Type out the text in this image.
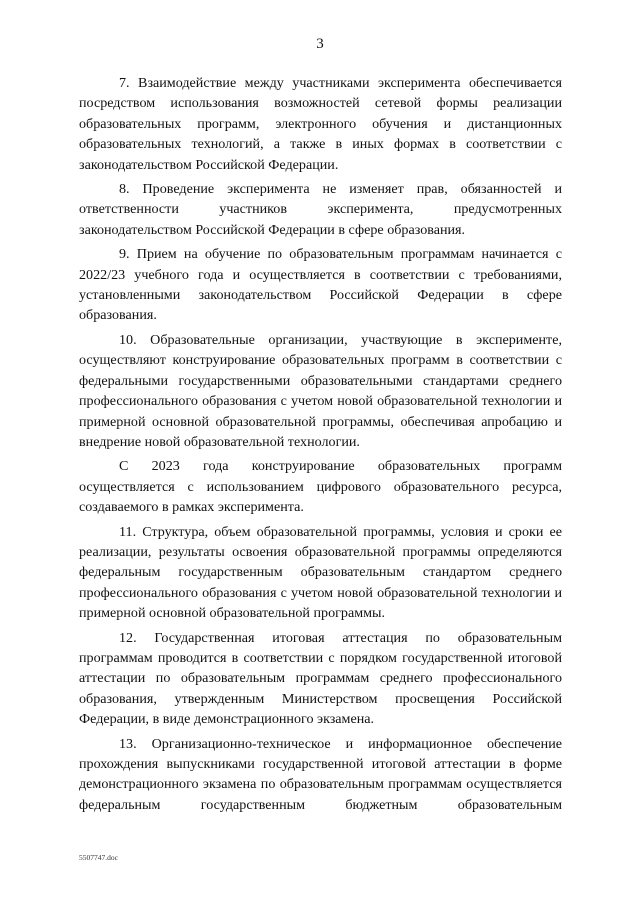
3

7. Взаимодействие между участниками эксперимента обеспечивается посредством использования возможностей сетевой формы реализации образовательных программ, электронного обучения и дистанционных образовательных технологий, а также в иных формах в соответствии с законодательством Российской Федерации.

8. Проведение эксперимента не изменяет прав, обязанностей и ответственности участников эксперимента, предусмотренных законодательством Российской Федерации в сфере образования.

9. Прием на обучение по образовательным программам начинается с 2022/23 учебного года и осуществляется в соответствии с требованиями, установленными законодательством Российской Федерации в сфере образования.

10. Образовательные организации, участвующие в эксперименте, осуществляют конструирование образовательных программ в соответствии с федеральными государственными образовательными стандартами среднего профессионального образования с учетом новой образовательной технологии и примерной основной образовательной программы, обеспечивая апробацию и внедрение новой образовательной технологии.

С 2023 года конструирование образовательных программ осуществляется с использованием цифрового образовательного ресурса, создаваемого в рамках эксперимента.

11. Структура, объем образовательной программы, условия и сроки ее реализации, результаты освоения образовательной программы определяются федеральным государственным образовательным стандартом среднего профессионального образования с учетом новой образовательной технологии и примерной основной образовательной программы.

12. Государственная итоговая аттестация по образовательным программам проводится в соответствии с порядком государственной итоговой аттестации по образовательным программам среднего профессионального образования, утвержденным Министерством просвещения Российской Федерации, в виде демонстрационного экзамена.

13. Организационно-техническое и информационное обеспечение прохождения выпускниками государственной итоговой аттестации в форме демонстрационного экзамена по образовательным программам осуществляется федеральным государственным бюджетным образовательным

5507747.doc
